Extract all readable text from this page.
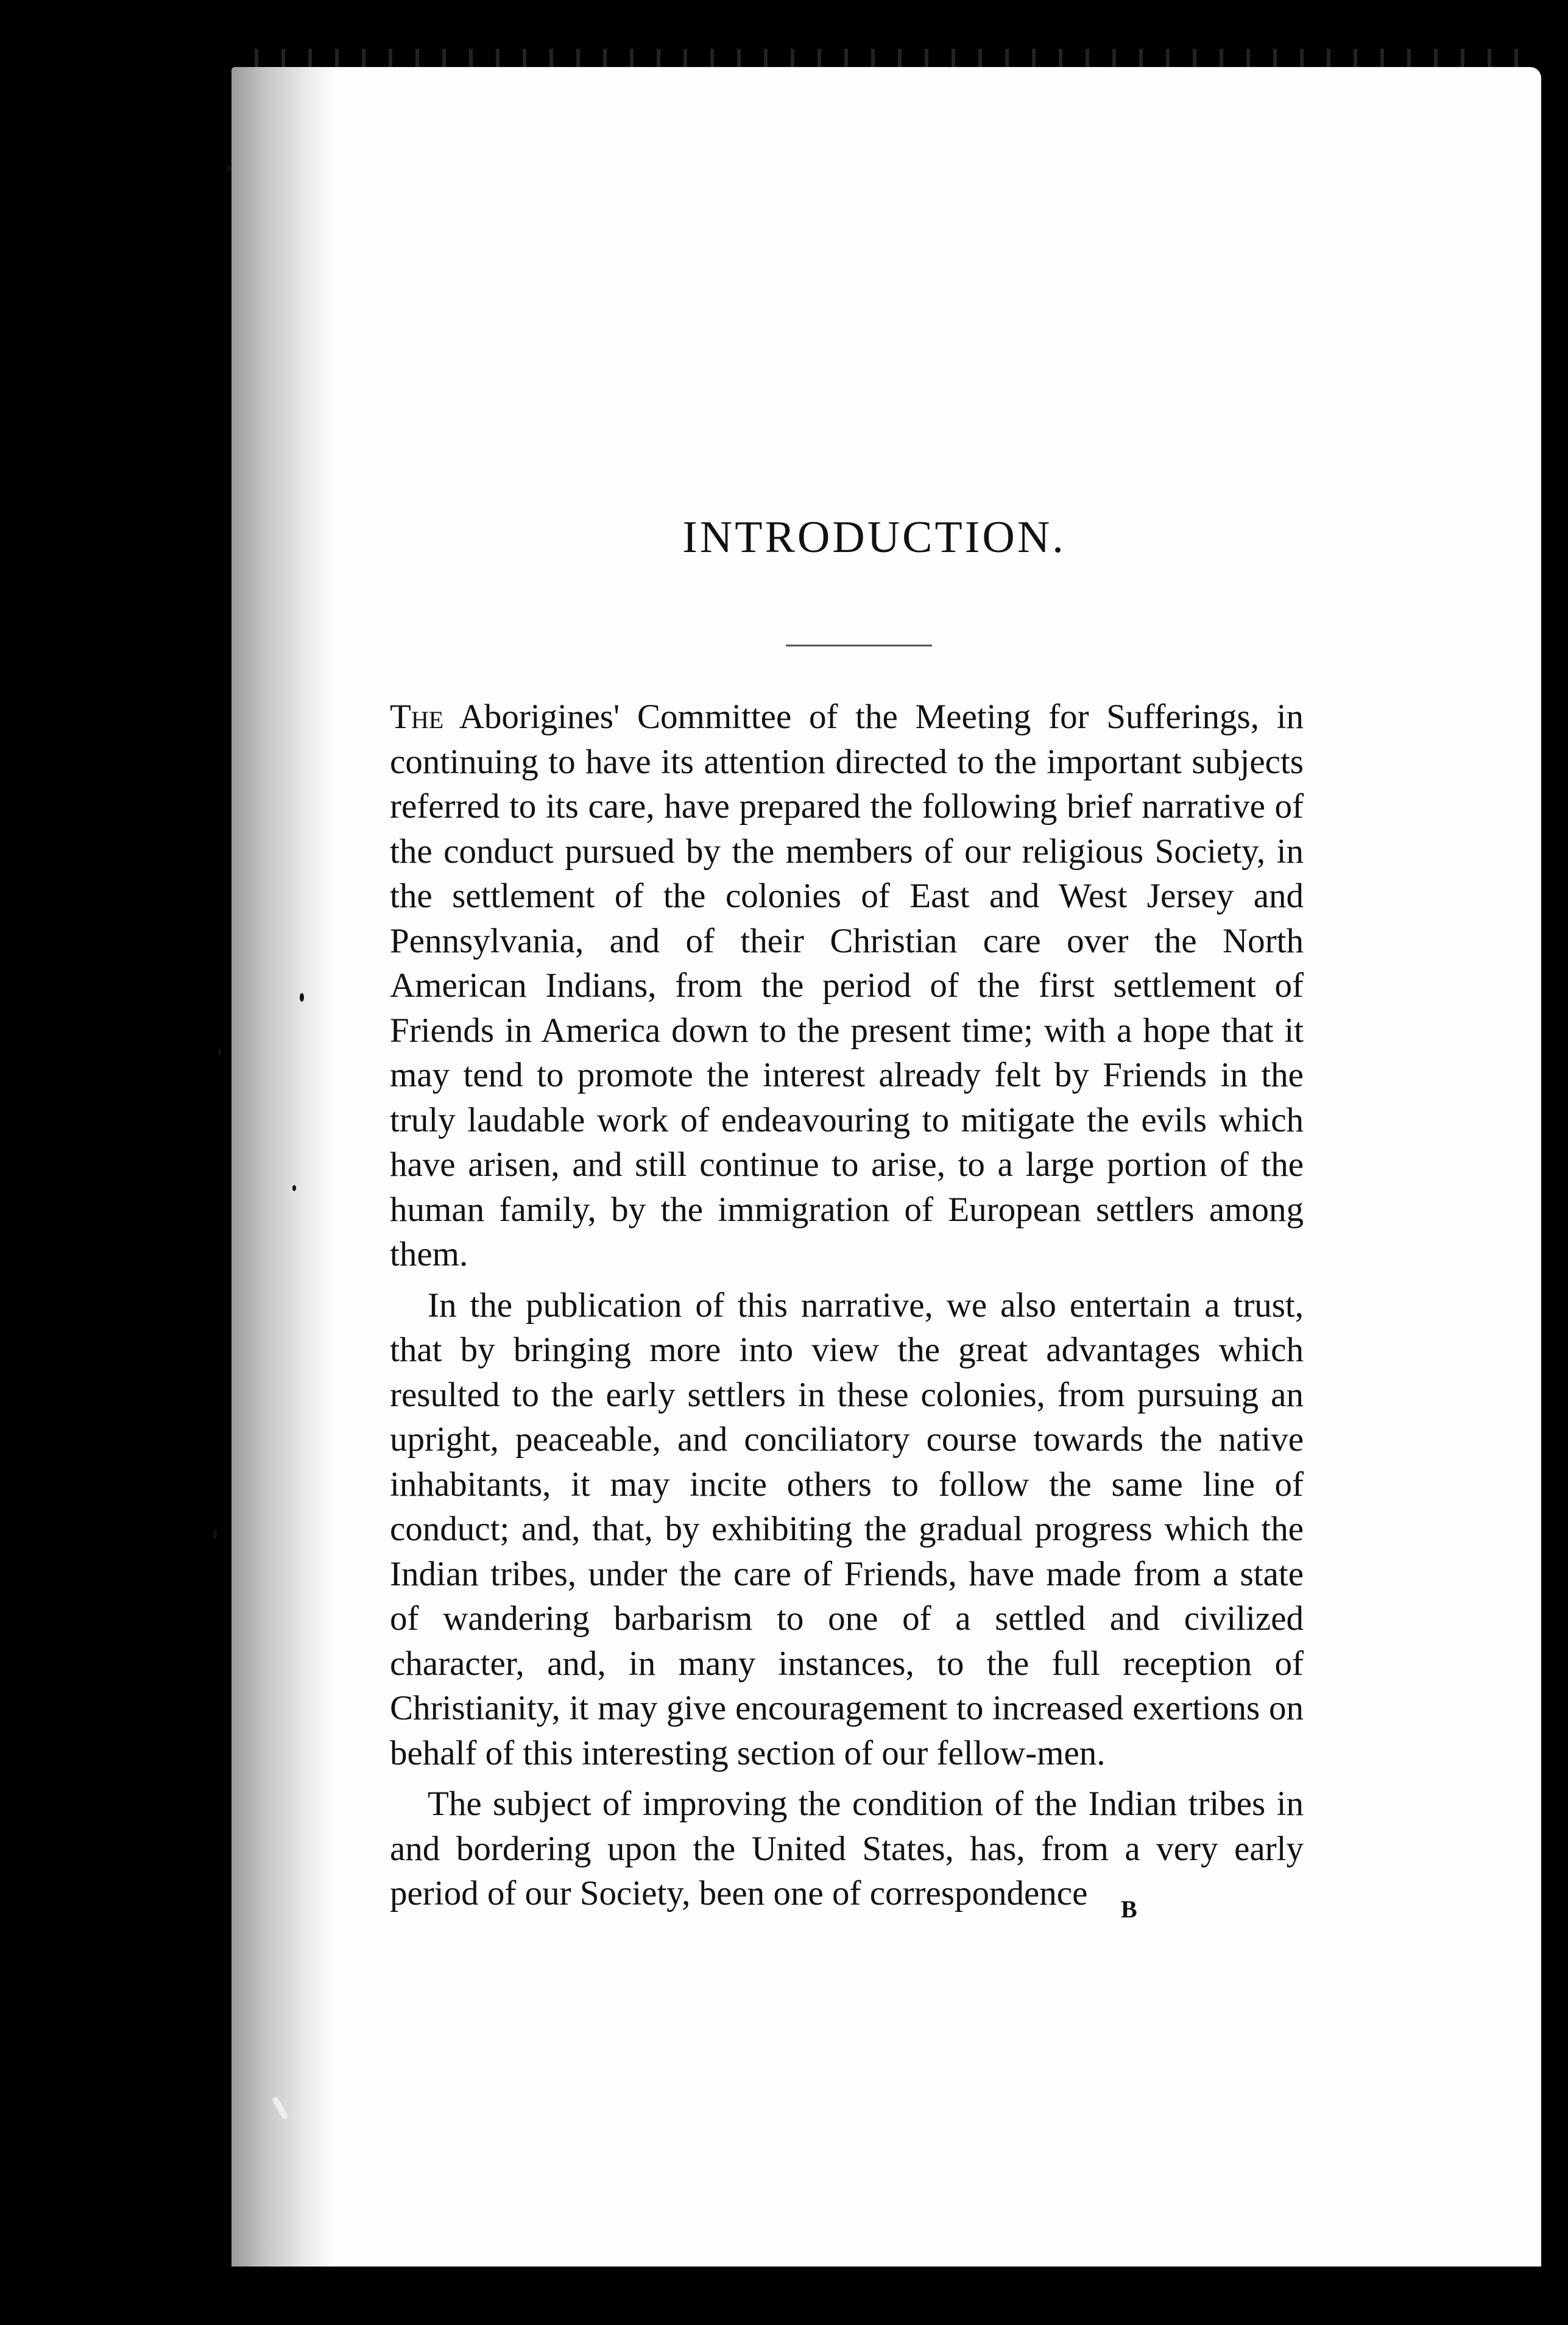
INTRODUCTION.

The Aborigines' Committee of the Meeting for Sufferings, in continuing to have its attention directed to the important subjects referred to its care, have prepared the following brief narrative of the conduct pursued by the members of our religious Society, in the settlement of the colonies of East and West Jersey and Pennsylvania, and of their Christian care over the North American Indians, from the period of the first settlement of Friends in America down to the present time; with a hope that it may tend to promote the interest already felt by Friends in the truly laudable work of endeavouring to mitigate the evils which have arisen, and still continue to arise, to a large portion of the human family, by the immigration of European settlers among them.

In the publication of this narrative, we also entertain a trust, that by bringing more into view the great advantages which resulted to the early settlers in these colonies, from pursuing an upright, peaceable, and conciliatory course towards the native inhabitants, it may incite others to follow the same line of conduct; and, that, by exhibiting the gradual progress which the Indian tribes, under the care of Friends, have made from a state of wandering barbarism to one of a settled and civilized character, and, in many instances, to the full reception of Christianity, it may give encouragement to increased exertions on behalf of this interesting section of our fellow-men.

The subject of improving the condition of the Indian tribes in and bordering upon the United States, has, from a very early period of our Society, been one of correspondence	B
